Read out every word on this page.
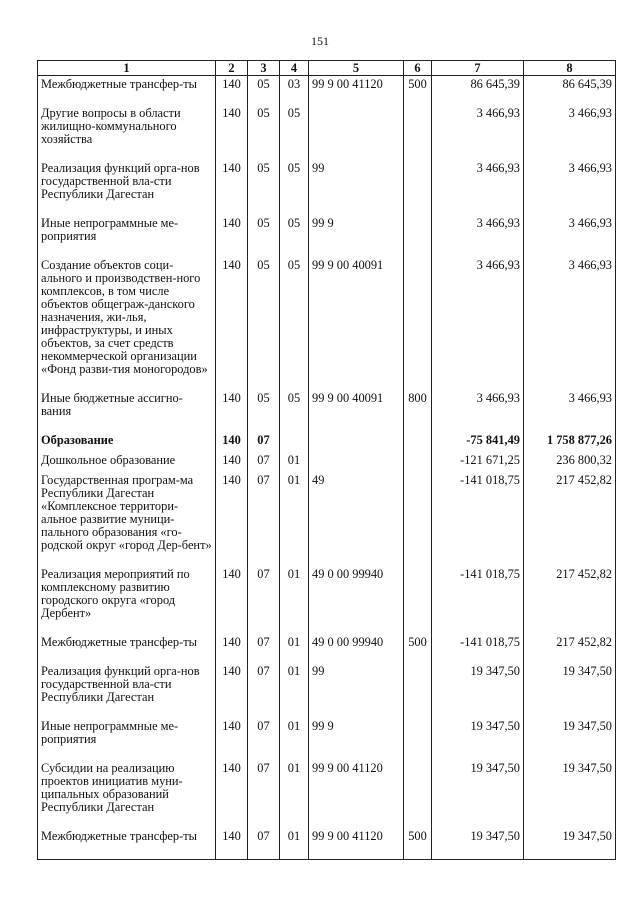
151
1	2	3	4	5	6	7	8
Межбюджетные трансфер-ты	140	05	03	99 9 00 41120	500	86 645,39	86 645,39
Другие вопросы в области жилищно-коммунального хозяйства	140	05	05			3 466,93	3 466,93
Реализация функций орга-нов государственной вла-сти Республики Дагестан	140	05	05	99		3 466,93	3 466,93
Иные непрограммные ме-роприятия	140	05	05	99 9		3 466,93	3 466,93
Создание объектов соци-ального и производствен-ного комплексов, в том числе объектов общеграж-данского назначения, жи-лья, инфраструктуры, и иных объектов, за счет средств некоммерческой организации «Фонд разви-тия моногородов»	140	05	05	99 9 00 40091		3 466,93	3 466,93
Иные бюджетные ассигно-вания	140	05	05	99 9 00 40091	800	3 466,93	3 466,93
Образование	140	07				-75 841,49	1 758 877,26
Дошкольное образование	140	07	01			-121 671,25	236 800,32
Государственная програм-ма Республики Дагестан «Комплексное территори-альное развитие муници-пального образования «го-родской округ «город Дер-бент»	140	07	01	49		-141 018,75	217 452,82
Реализация мероприятий по комплексному развитию городского округа «город Дербент»	140	07	01	49 0 00 99940		-141 018,75	217 452,82
Межбюджетные трансфер-ты	140	07	01	49 0 00 99940	500	-141 018,75	217 452,82
Реализация функций орга-нов государственной вла-сти Республики Дагестан	140	07	01	99		19 347,50	19 347,50
Иные непрограммные ме-роприятия	140	07	01	99 9		19 347,50	19 347,50
Субсидии на реализацию проектов инициатив муни-ципальных образований Республики Дагестан	140	07	01	99 9 00 41120		19 347,50	19 347,50
Межбюджетные трансфер-ты	140	07	01	99 9 00 41120	500	19 347,50	19 347,50
